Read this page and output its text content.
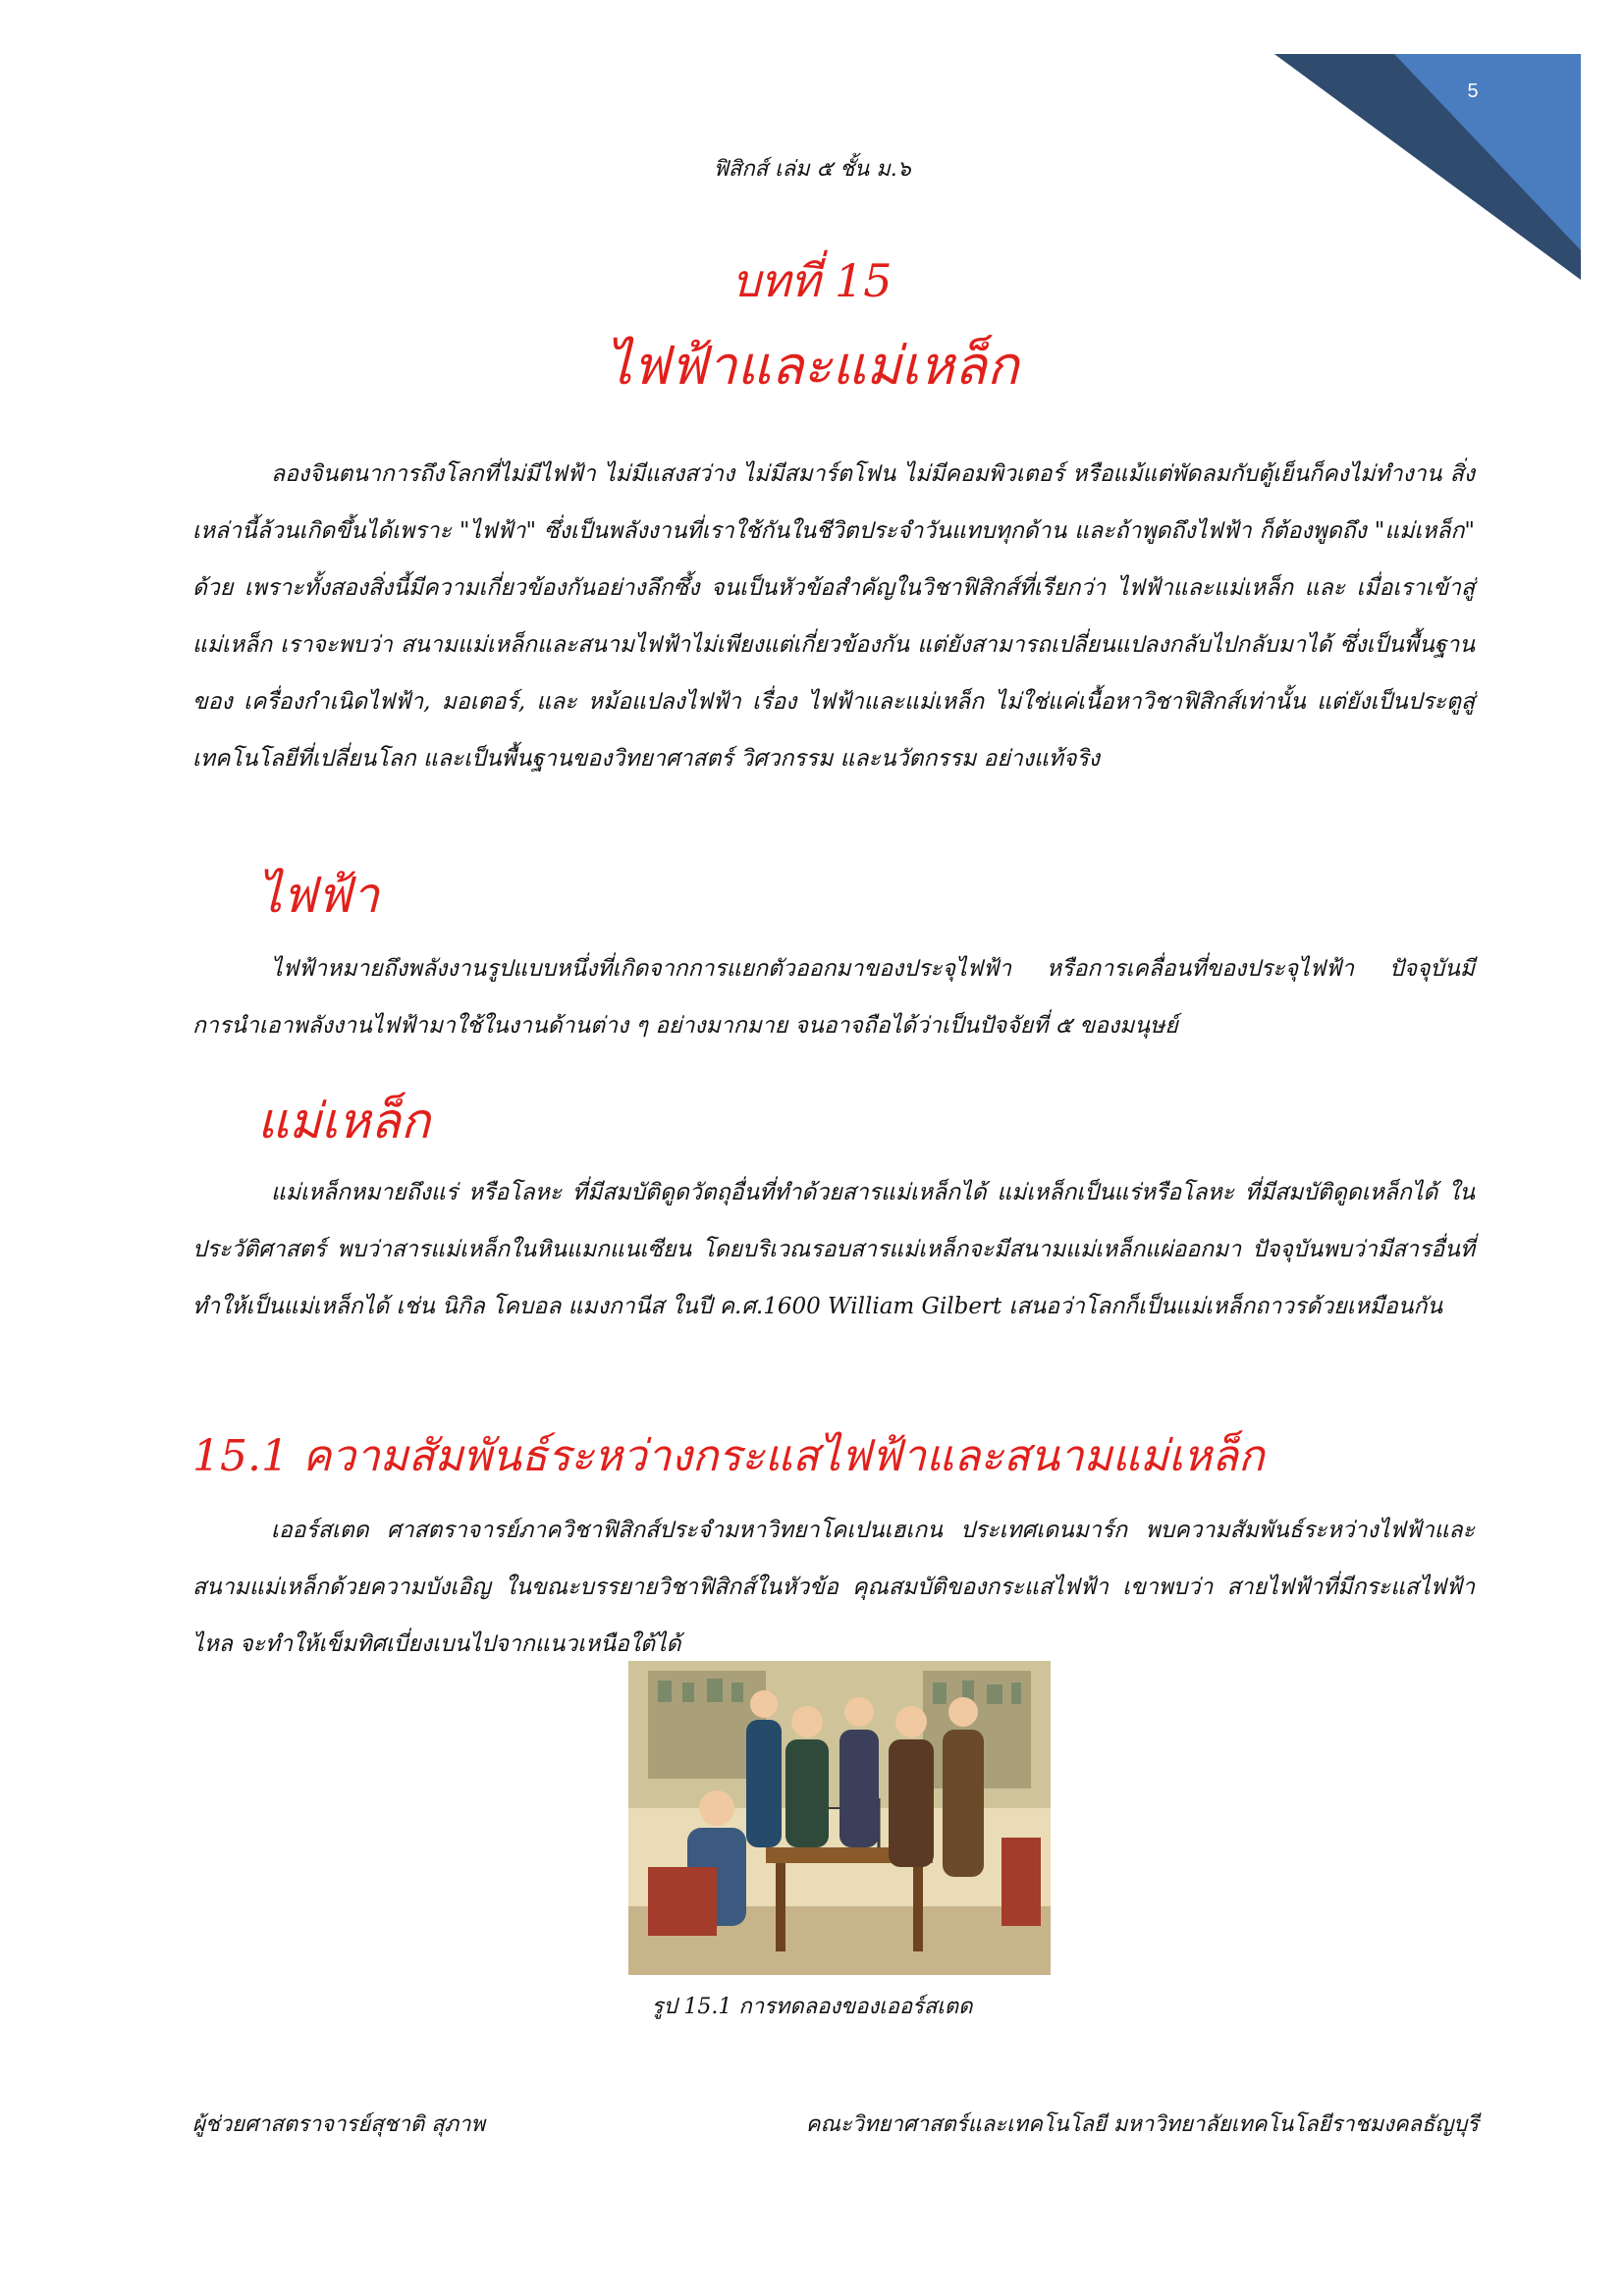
5
ฟิสิกส์ เล่ม ๕ ชั้น ม.๖
บทที่ 15
ไฟฟ้าและแม่เหล็ก
ลองจินตนาการถึงโลกที่ไม่มีไฟฟ้า ไม่มีแสงสว่าง ไม่มีสมาร์ตโฟน ไม่มีคอมพิวเตอร์ หรือแม้แต่พัดลมกับตู้เย็นก็คงไม่ทำงาน สิ่งเหล่านี้ล้วนเกิดขึ้นได้เพราะ "ไฟฟ้า" ซึ่งเป็นพลังงานที่เราใช้กันในชีวิตประจำวันแทบทุกด้าน และถ้าพูดถึงไฟฟ้า ก็ต้องพูดถึง "แม่เหล็ก" ด้วย เพราะทั้งสองสิ่งนี้มีความเกี่ยวข้องกันอย่างลึกซึ้ง จนเป็นหัวข้อสำคัญในวิชาฟิสิกส์ที่เรียกว่า ไฟฟ้าและแม่เหล็ก และ เมื่อเราเข้าสู่ แม่เหล็ก เราจะพบว่า สนามแม่เหล็กและสนามไฟฟ้าไม่เพียงแต่เกี่ยวข้องกัน แต่ยังสามารถเปลี่ยนแปลงกลับไปกลับมาได้ ซึ่งเป็นพื้นฐานของ เครื่องกำเนิดไฟฟ้า, มอเตอร์, และ หม้อแปลงไฟฟ้า เรื่อง ไฟฟ้าและแม่เหล็ก ไม่ใช่แค่เนื้อหาวิชาฟิสิกส์เท่านั้น แต่ยังเป็นประตูสู่เทคโนโลยีที่เปลี่ยนโลก และเป็นพื้นฐานของวิทยาศาสตร์ วิศวกรรม และนวัตกรรม อย่างแท้จริง
ไฟฟ้า
ไฟฟ้าหมายถึงพลังงานรูปแบบหนึ่งที่เกิดจากการแยกตัวออกมาของประจุไฟฟ้า หรือการเคลื่อนที่ของประจุไฟฟ้า ปัจจุบันมีการนำเอาพลังงานไฟฟ้ามาใช้ในงานด้านต่าง ๆ อย่างมากมาย จนอาจถือได้ว่าเป็นปัจจัยที่ ๕ ของมนุษย์
แม่เหล็ก
แม่เหล็กหมายถึงแร่ หรือโลหะ ที่มีสมบัติดูดวัตถุอื่นที่ทำด้วยสารแม่เหล็กได้ แม่เหล็กเป็นแร่หรือโลหะ ที่มีสมบัติดูดเหล็กได้ ในประวัติศาสตร์ พบว่าสารแม่เหล็กในหินแมกแนเซียน โดยบริเวณรอบสารแม่เหล็กจะมีสนามแม่เหล็กแผ่ออกมา ปัจจุบันพบว่ามีสารอื่นที่ทำให้เป็นแม่เหล็กได้ เช่น นิกิล โคบอล แมงกานีส ในปี ค.ศ.1600 William Gilbert เสนอว่าโลกก็เป็นแม่เหล็กถาวรด้วยเหมือนกัน
15.1 ความสัมพันธ์ระหว่างกระแสไฟฟ้าและสนามแม่เหล็ก
เออร์สเตด ศาสตราจารย์ภาควิชาฟิสิกส์ประจำมหาวิทยาโคเปนเฮเกน ประเทศเดนมาร์ก พบความสัมพันธ์ระหว่างไฟฟ้าและ สนามแม่เหล็กด้วยความบังเอิญ ในขณะบรรยายวิชาฟิสิกส์ในหัวข้อ คุณสมบัติของกระแสไฟฟ้า เขาพบว่า สายไฟฟ้าที่มีกระแสไฟฟ้าไหล จะทำให้เข็มทิศเบี่ยงเบนไปจากแนวเหนือใต้ได้
รูป 15.1 การทดลองของเออร์สเตด
ผู้ช่วยศาสตราจารย์สุชาติ สุภาพ	คณะวิทยาศาสตร์และเทคโนโลยี มหาวิทยาลัยเทคโนโลยีราชมงคลธัญบุรี
